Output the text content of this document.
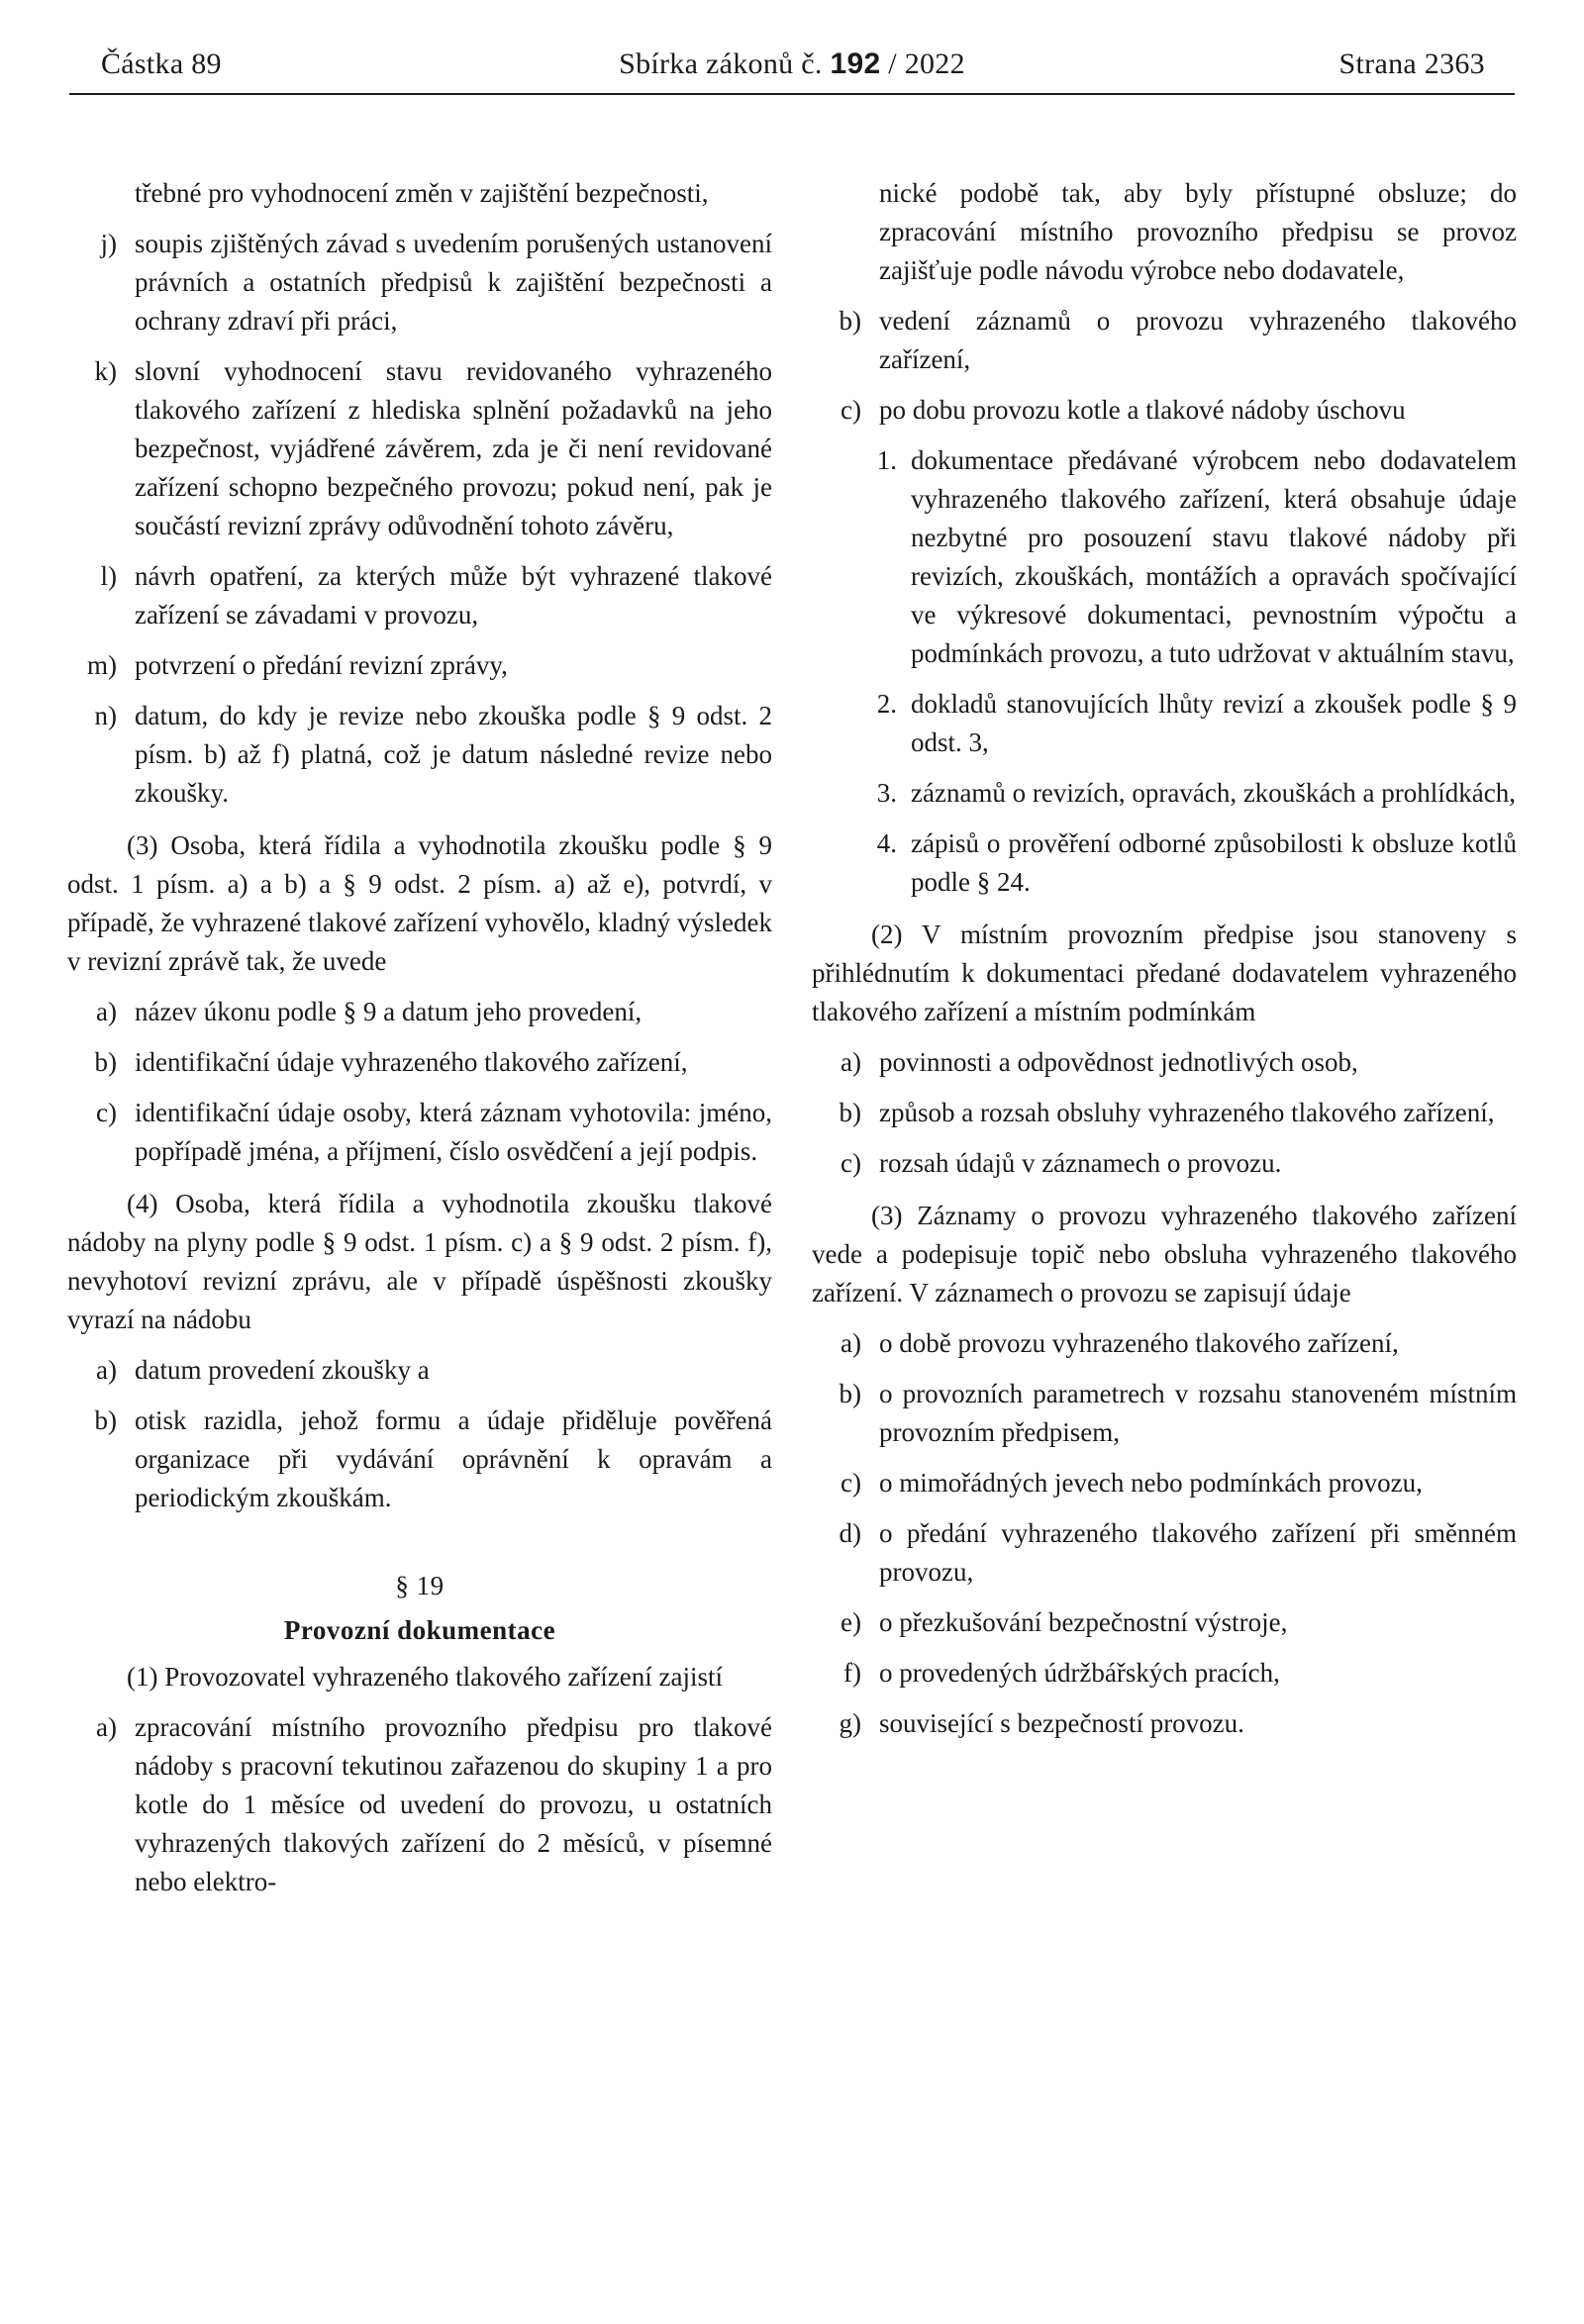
Částka 89	Sbírka zákonů č. 192 / 2022	Strana 2363

třebné pro vyhodnocení změn v zajištění bezpečnosti,

j) soupis zjištěných závad s uvedením porušených ustanovení právních a ostatních předpisů k zajištění bezpečnosti a ochrany zdraví při práci,
k) slovní vyhodnocení stavu revidovaného vyhrazeného tlakového zařízení z hlediska splnění požadavků na jeho bezpečnost, vyjádřené závěrem, zda je či není revidované zařízení schopno bezpečného provozu; pokud není, pak je součástí revizní zprávy odůvodnění tohoto závěru,
l) návrh opatření, za kterých může být vyhrazené tlakové zařízení se závadami v provozu,
m) potvrzení o předání revizní zprávy,
n) datum, do kdy je revize nebo zkouška podle § 9 odst. 2 písm. b) až f) platná, což je datum následné revize nebo zkoušky.

(3) Osoba, která řídila a vyhodnotila zkoušku podle § 9 odst. 1 písm. a) a b) a § 9 odst. 2 písm. a) až e), potvrdí, v případě, že vyhrazené tlakové zařízení vyhovělo, kladný výsledek v revizní zprávě tak, že uvede

a) název úkonu podle § 9 a datum jeho provedení,
b) identifikační údaje vyhrazeného tlakového zařízení,
c) identifikační údaje osoby, která záznam vyhotovila: jméno, popřípadě jména, a příjmení, číslo osvědčení a její podpis.

(4) Osoba, která řídila a vyhodnotila zkoušku tlakové nádoby na plyny podle § 9 odst. 1 písm. c) a § 9 odst. 2 písm. f), nevyhotoví revizní zprávu, ale v případě úspěšnosti zkoušky vyrazí na nádobu

a) datum provedení zkoušky a
b) otisk razidla, jehož formu a údaje přiděluje pověřená organizace při vydávání oprávnění k opravám a periodickým zkouškám.

§ 19

Provozní dokumentace

(1) Provozovatel vyhrazeného tlakového zařízení zajistí

a) zpracování místního provozního předpisu pro tlakové nádoby s pracovní tekutinou zařazenou do skupiny 1 a pro kotle do 1 měsíce od uvedení do provozu, u ostatních vyhrazených tlakových zařízení do 2 měsíců, v písemné nebo elektro-

nické podobě tak, aby byly přístupné obsluze; do zpracování místního provozního předpisu se provoz zajišťuje podle návodu výrobce nebo dodavatele,

b) vedení záznamů o provozu vyhrazeného tlakového zařízení,
c) po dobu provozu kotle a tlakové nádoby úschovu
1. dokumentace předávané výrobcem nebo dodavatelem vyhrazeného tlakového zařízení, která obsahuje údaje nezbytné pro posouzení stavu tlakové nádoby při revizích, zkouškách, montážích a opravách spočívající ve výkresové dokumentaci, pevnostním výpočtu a podmínkách provozu, a tuto udržovat v aktuálním stavu,
2. dokladů stanovujících lhůty revizí a zkoušek podle § 9 odst. 3,
3. záznamů o revizích, opravách, zkouškách a prohlídkách,
4. zápisů o prověření odborné způsobilosti k obsluze kotlů podle § 24.

(2) V místním provozním předpise jsou stanoveny s přihlédnutím k dokumentaci předané dodavatelem vyhrazeného tlakového zařízení a místním podmínkám

a) povinnosti a odpovědnost jednotlivých osob,
b) způsob a rozsah obsluhy vyhrazeného tlakového zařízení,
c) rozsah údajů v záznamech o provozu.

(3) Záznamy o provozu vyhrazeného tlakového zařízení vede a podepisuje topič nebo obsluha vyhrazeného tlakového zařízení. V záznamech o provozu se zapisují údaje

a) o době provozu vyhrazeného tlakového zařízení,
b) o provozních parametrech v rozsahu stanoveném místním provozním předpisem,
c) o mimořádných jevech nebo podmínkách provozu,
d) o předání vyhrazeného tlakového zařízení při směnném provozu,
e) o přezkušování bezpečnostní výstroje,
f) o provedených údržbářských pracích,
g) související s bezpečností provozu.
